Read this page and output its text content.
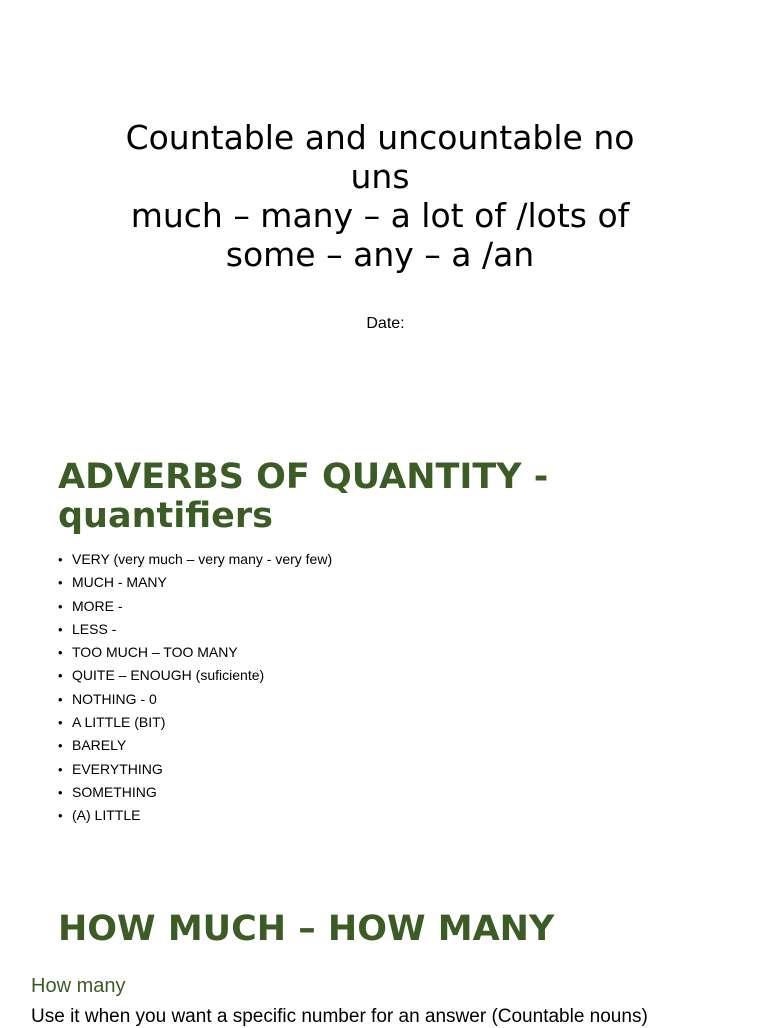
Countable and uncountable no
uns
much – many – a lot of /lots of
some – any – a /an
Date:
ADVERBS OF QUANTITY -
quantifiers
• VERY (very much – very many - very few)
• MUCH - MANY
• MORE -
• LESS -
• TOO MUCH – TOO MANY
• QUITE – ENOUGH (suficiente)
• NOTHING - 0
• A LITTLE (BIT)
• BARELY
• EVERYTHING
• SOMETHING
• (A) LITTLE
HOW MUCH – HOW MANY
How many
Use it when you want a specific number for an answer (Countable nouns)
